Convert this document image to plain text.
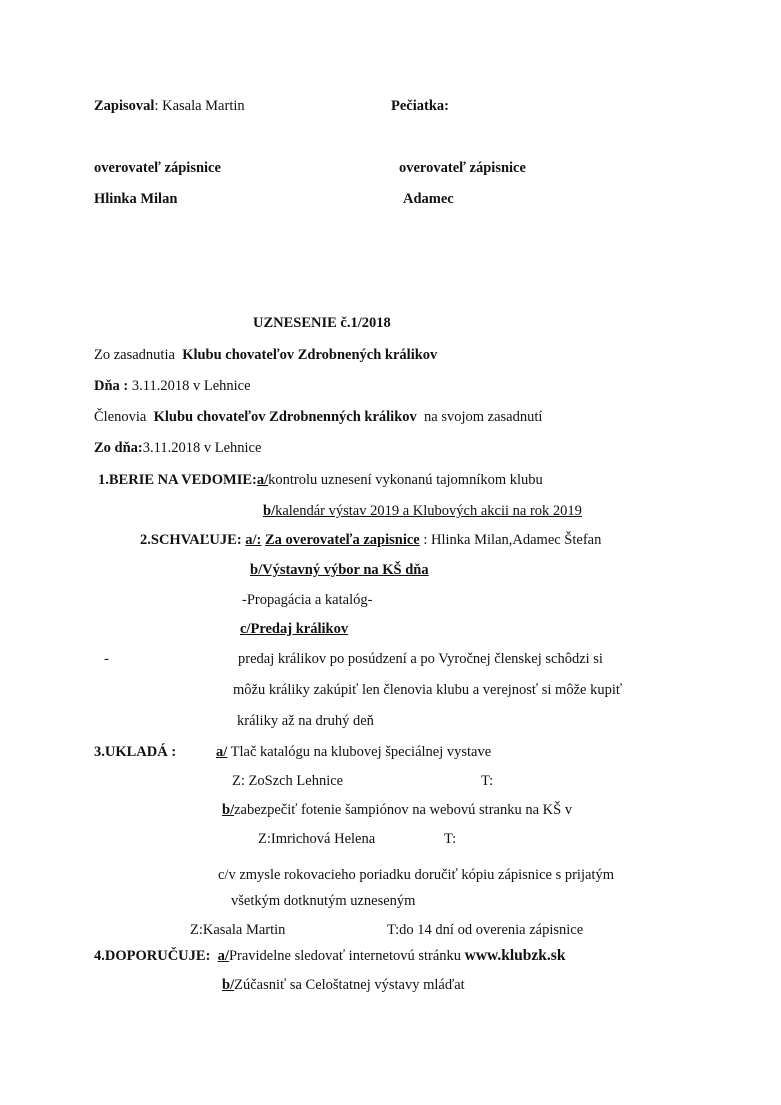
Zapisoval: Kasala Martin	Pečiatka:
overovateľ zápisnice	overovateľ zápisnice
Hlinka Milan	Adamec
UZNESENIE č.1/2018
Zo zasadnutia Klubu chovateľov Zdrobnených králikov
Dňa : 3.11.2018 v Lehnice
Členovia Klubu chovateľov Zdrobnenných králikov na svojom zasadnutí
Zo dňa:3.11.2018 v Lehnice
1.BERIE NA VEDOMIE:a/kontrolu uznesení vykonanú tajomníkom klubu
b/kalendár výstav 2019 a Klubových akcii na rok 2019
2.SCHVAĽUJE: a/: Za overovateľa zapisnice : Hlinka Milan,Adamec Štefan
b/Výstavný výbor na KŠ dňa
-Propagácia a katalóg-
c/Predaj králikov
-	predaj králikov po posúdzení a po Vyročnej členskej schôdzi si
môžu králiky zakúpiť len členovia klubu a verejnosť si môže kupiť
králiky až na druhý deň
3.UKLADÁ :	a/ Tlač katalógu na klubovej špeciálnej vystave
Z: ZoSzch Lehnice	T:
b/zabezpečiť fotenie šampiónov na webovú stranku na KŠ v
Z:Imrichová Helena	T:
c/v zmysle rokovacieho poriadku doručiť kópiu zápisnice s prijatým
všetkým dotknutým uzneseným
Z:Kasala Martin	T:do 14 dní od overenia zápisnice
4.DOPORUČUJE: a/Pravidelne sledovať internetovú stránku www.klubzk.sk
b/Zúčasniť sa Celoštatnej výstavy mláďat
